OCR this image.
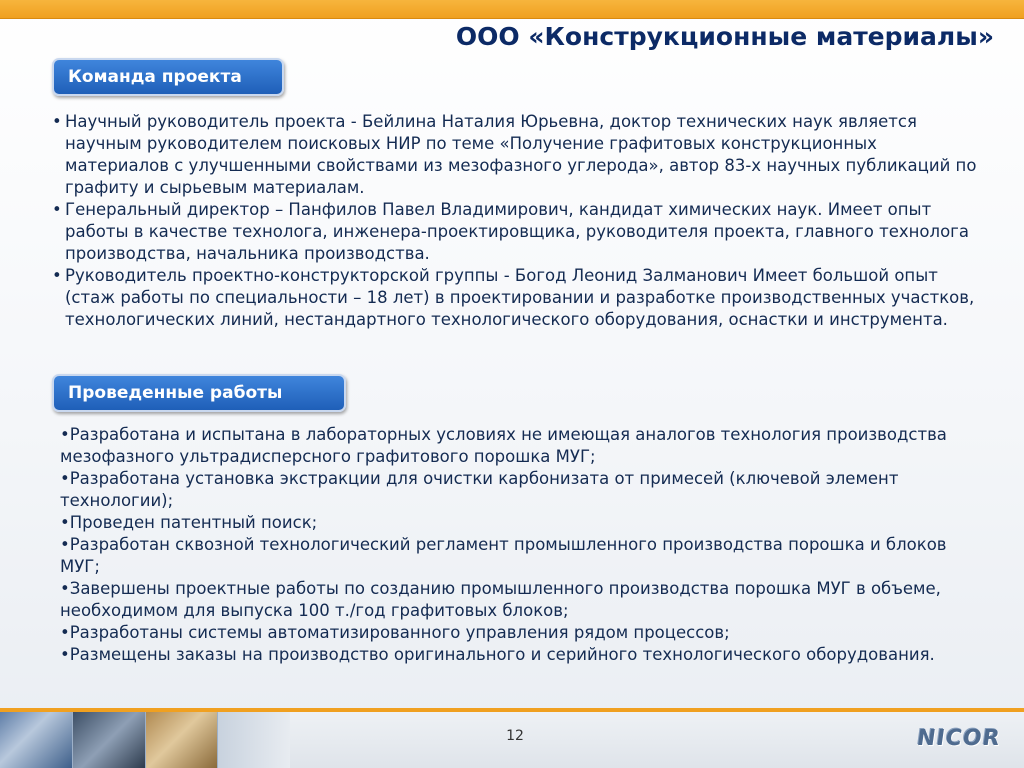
ООО «Конструкционные материалы»
Команда проекта
• Научный руководитель проекта - Бейлина Наталия Юрьевна, доктор технических наук является научным руководителем поисковых НИР по теме «Получение графитовых конструкционных материалов с улучшенными свойствами из мезофазного углерода», автор 83-х научных публикаций по графиту и сырьевым материалам.
• Генеральный директор – Панфилов Павел Владимирович, кандидат химических наук. Имеет опыт работы в качестве технолога, инженера-проектировщика, руководителя проекта, главного технолога производства, начальника производства.
• Руководитель проектно-конструкторской группы - Богод Леонид Залманович Имеет большой опыт (стаж работы по специальности – 18 лет) в проектировании и разработке производственных участков, технологических линий, нестандартного технологического оборудования, оснастки и инструмента.
Проведенные работы
• Разработана и испытана в лабораторных условиях не имеющая аналогов технология производства мезофазного ультрадисперсного графитового порошка МУГ;
• Разработана установка экстракции для очистки карбонизата от примесей (ключевой элемент технологии);
• Проведен патентный поиск;
• Разработан сквозной технологический регламент промышленного производства порошка и блоков МУГ;
• Завершены проектные работы по созданию промышленного производства порошка МУГ в объеме, необходимом для выпуска 100 т./год графитовых блоков;
• Разработаны системы автоматизированного управления рядом процессов;
• Размещены заказы на производство оригинального и серийного технологического оборудования.
12	NICOR
